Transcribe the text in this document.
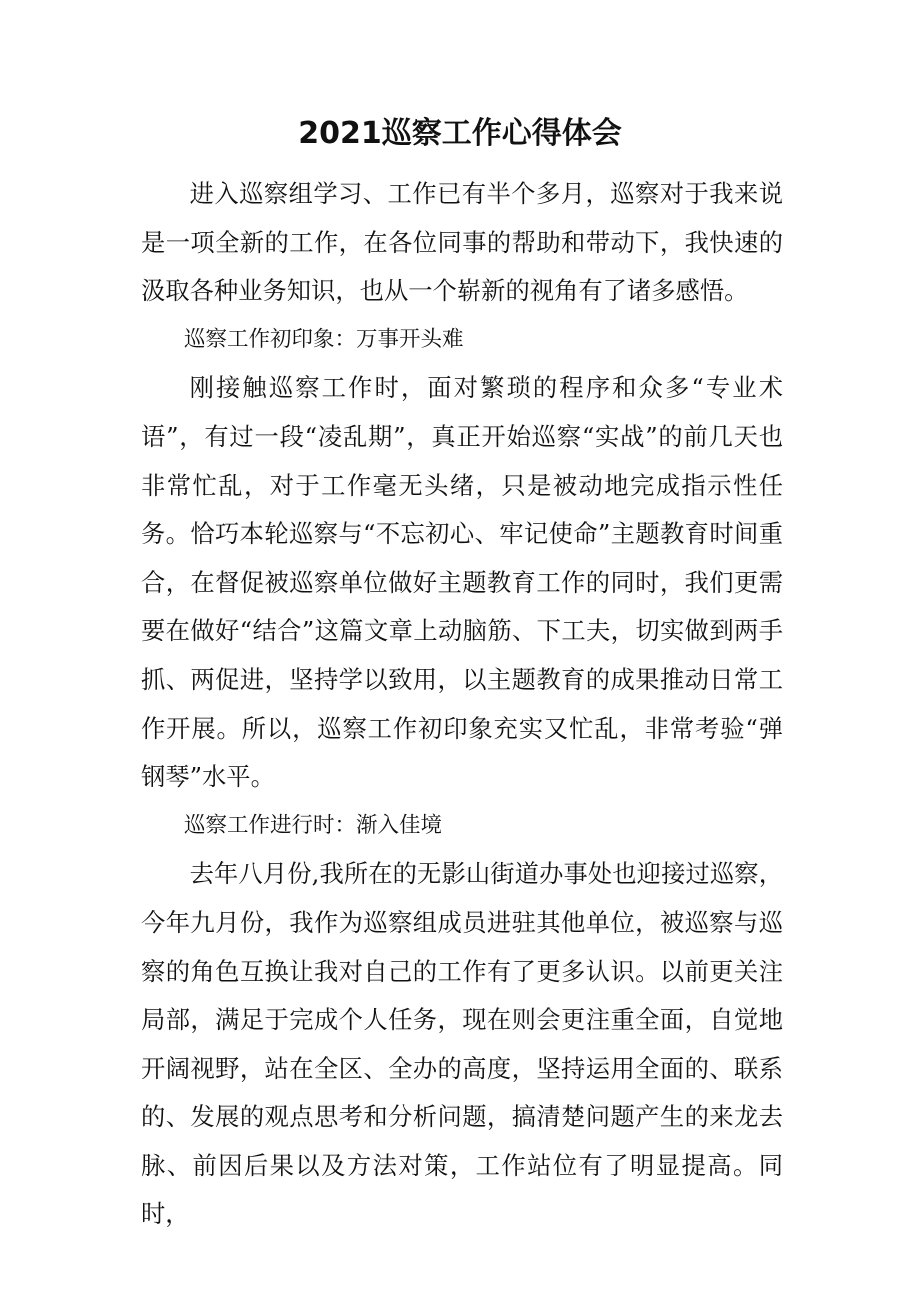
2021巡察工作心得体会

进入巡察组学习、工作已有半个多月，巡察对于我来说是一项全新的工作，在各位同事的帮助和带动下，我快速的汲取各种业务知识，也从一个崭新的视角有了诸多感悟。

巡察工作初印象：万事开头难

刚接触巡察工作时，面对繁琐的程序和众多“专业术语”，有过一段“凌乱期”，真正开始巡察“实战”的前几天也非常忙乱，对于工作毫无头绪，只是被动地完成指示性任务。恰巧本轮巡察与“不忘初心、牢记使命”主题教育时间重合，在督促被巡察单位做好主题教育工作的同时，我们更需要在做好“结合”这篇文章上动脑筋、下工夫，切实做到两手抓、两促进，坚持学以致用，以主题教育的成果推动日常工作开展。所以，巡察工作初印象充实又忙乱，非常考验“弹钢琴”水平。

巡察工作进行时：渐入佳境

去年八月份,我所在的无影山街道办事处也迎接过巡察，今年九月份，我作为巡察组成员进驻其他单位，被巡察与巡察的角色互换让我对自己的工作有了更多认识。以前更关注局部，满足于完成个人任务，现在则会更注重全面，自觉地开阔视野，站在全区、全办的高度，坚持运用全面的、联系的、发展的观点思考和分析问题，搞清楚问题产生的来龙去脉、前因后果以及方法对策，工作站位有了明显提高。同时，
